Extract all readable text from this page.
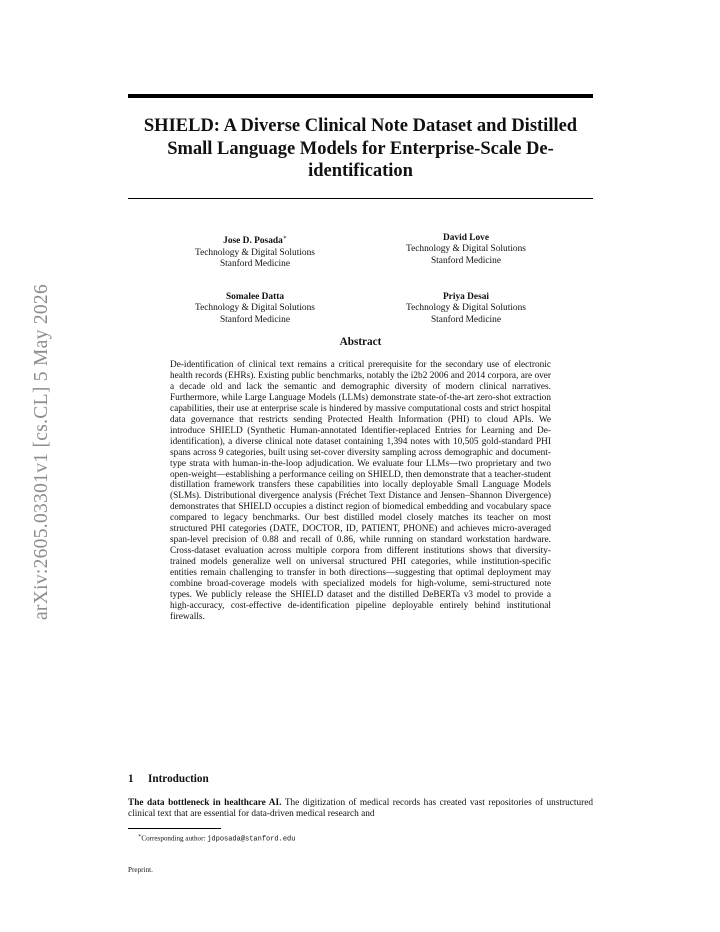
arXiv:2605.03301v1 [cs.CL] 5 May 2026
SHIELD: A Diverse Clinical Note Dataset and Distilled Small Language Models for Enterprise-Scale De-identification
Jose D. Posada∗
Technology & Digital Solutions
Stanford Medicine
David Love
Technology & Digital Solutions
Stanford Medicine
Somalee Datta
Technology & Digital Solutions
Stanford Medicine
Priya Desai
Technology & Digital Solutions
Stanford Medicine
Abstract

De-identification of clinical text remains a critical prerequisite for the secondary use of electronic health records (EHRs). Existing public benchmarks, notably the i2b2 2006 and 2014 corpora, are over a decade old and lack the semantic and demographic diversity of modern clinical narratives. Furthermore, while Large Language Models (LLMs) demonstrate state-of-the-art zero-shot extraction capabilities, their use at enterprise scale is hindered by massive computational costs and strict hospital data governance that restricts sending Protected Health Information (PHI) to cloud APIs. We introduce SHIELD (Synthetic Human-annotated Identifier-replaced Entries for Learning and De-identification), a diverse clinical note dataset containing 1,394 notes with 10,505 gold-standard PHI spans across 9 categories, built using set-cover diversity sampling across demographic and document-type strata with human-in-the-loop adjudication. We evaluate four LLMs—two proprietary and two open-weight—establishing a performance ceiling on SHIELD, then demonstrate that a teacher-student distillation framework transfers these capabilities into locally deployable Small Language Models (SLMs). Distributional divergence analysis (Fréchet Text Distance and Jensen–Shannon Divergence) demonstrates that SHIELD occupies a distinct region of biomedical embedding and vocabulary space compared to legacy benchmarks. Our best distilled model closely matches its teacher on most structured PHI categories (DATE, DOCTOR, ID, PATIENT, PHONE) and achieves micro-averaged span-level precision of 0.88 and recall of 0.86, while running on standard workstation hardware. Cross-dataset evaluation across multiple corpora from different institutions shows that diversity-trained models generalize well on universal structured PHI categories, while institution-specific entities remain challenging to transfer in both directions—suggesting that optimal deployment may combine broad-coverage models with specialized models for high-volume, semi-structured note types. We publicly release the SHIELD dataset and the distilled DeBERTa v3 model to provide a high-accuracy, cost-effective de-identification pipeline deployable entirely behind institutional firewalls.

1 Introduction

The data bottleneck in healthcare AI. The digitization of medical records has created vast repositories of unstructured clinical text that are essential for data-driven medical research and

∗Corresponding author: jdposada@stanford.edu

Preprint.
